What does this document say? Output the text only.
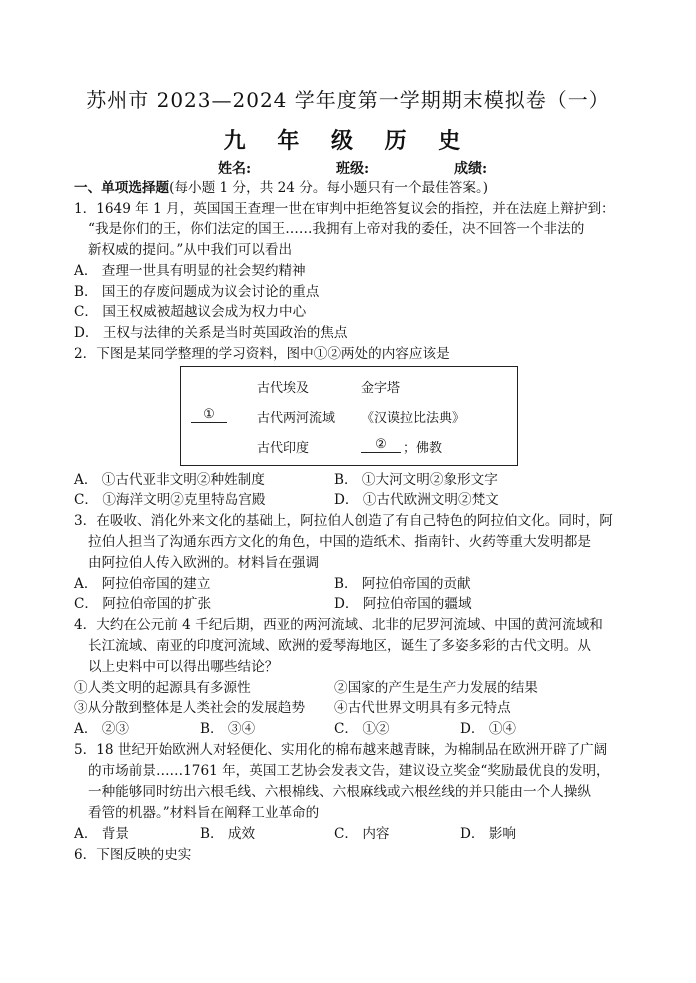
苏州市 2023—2024 学年度第一学期期末模拟卷（一）
九 年 级 历 史
姓名:	班级:	成绩:
一、单项选择题(每小题 1 分，共 24 分。每小题只有一个最佳答案。)
1．1649 年 1 月，英国国王查理一世在审判中拒绝答复议会的指控，并在法庭上辩护到：
“我是你们的王，你们法定的国王……我拥有上帝对我的委任，决不回答一个非法的
新权威的提问。”从中我们可以看出
A． 查理一世具有明显的社会契约精神
B． 国王的存废问题成为议会讨论的重点
C． 国王权威被超越议会成为权力中心
D． 王权与法律的关系是当时英国政治的焦点
2．下图是某同学整理的学习资料，图中①②两处的内容应该是
古代埃及	金字塔
①	古代两河流域 《汉谟拉比法典》
古代印度	②	；佛教
A． ①古代亚非文明②种姓制度	B． ①大河文明②象形文字
C． ①海洋文明②克里特岛宫殿	D． ①古代欧洲文明②梵文
3．在吸收、消化外来文化的基础上，阿拉伯人创造了有自己特色的阿拉伯文化。同时，阿
拉伯人担当了沟通东西方文化的角色，中国的造纸术、指南针、火药等重大发明都是
由阿拉伯人传入欧洲的。材料旨在强调
A． 阿拉伯帝国的建立	B． 阿拉伯帝国的贡献
C． 阿拉伯帝国的扩张	D． 阿拉伯帝国的疆域
4．大约在公元前 4 千纪后期，西亚的两河流域、北非的尼罗河流域、中国的黄河流域和
长江流域、南亚的印度河流域、欧洲的爱琴海地区，诞生了多姿多彩的古代文明。从
以上史料中可以得出哪些结论？
①人类文明的起源具有多源性	②国家的产生是生产力发展的结果
③从分散到整体是人类社会的发展趋势 ④古代世界文明具有多元特点
A． ②③	B． ③④	C． ①②	D． ①④
5．18 世纪开始欧洲人对轻便化、实用化的棉布越来越青睐，为棉制品在欧洲开辟了广阔
的市场前景……1761 年，英国工艺协会发表文告，建议设立奖金“奖励最优良的发明，
一种能够同时纺出六根毛线、六根棉线、六根麻线或六根丝线的并只能由一个人操纵
看管的机器。”材料旨在阐释工业革命的
A． 背景	B． 成效	C． 内容	D． 影响
6．下图反映的史实
